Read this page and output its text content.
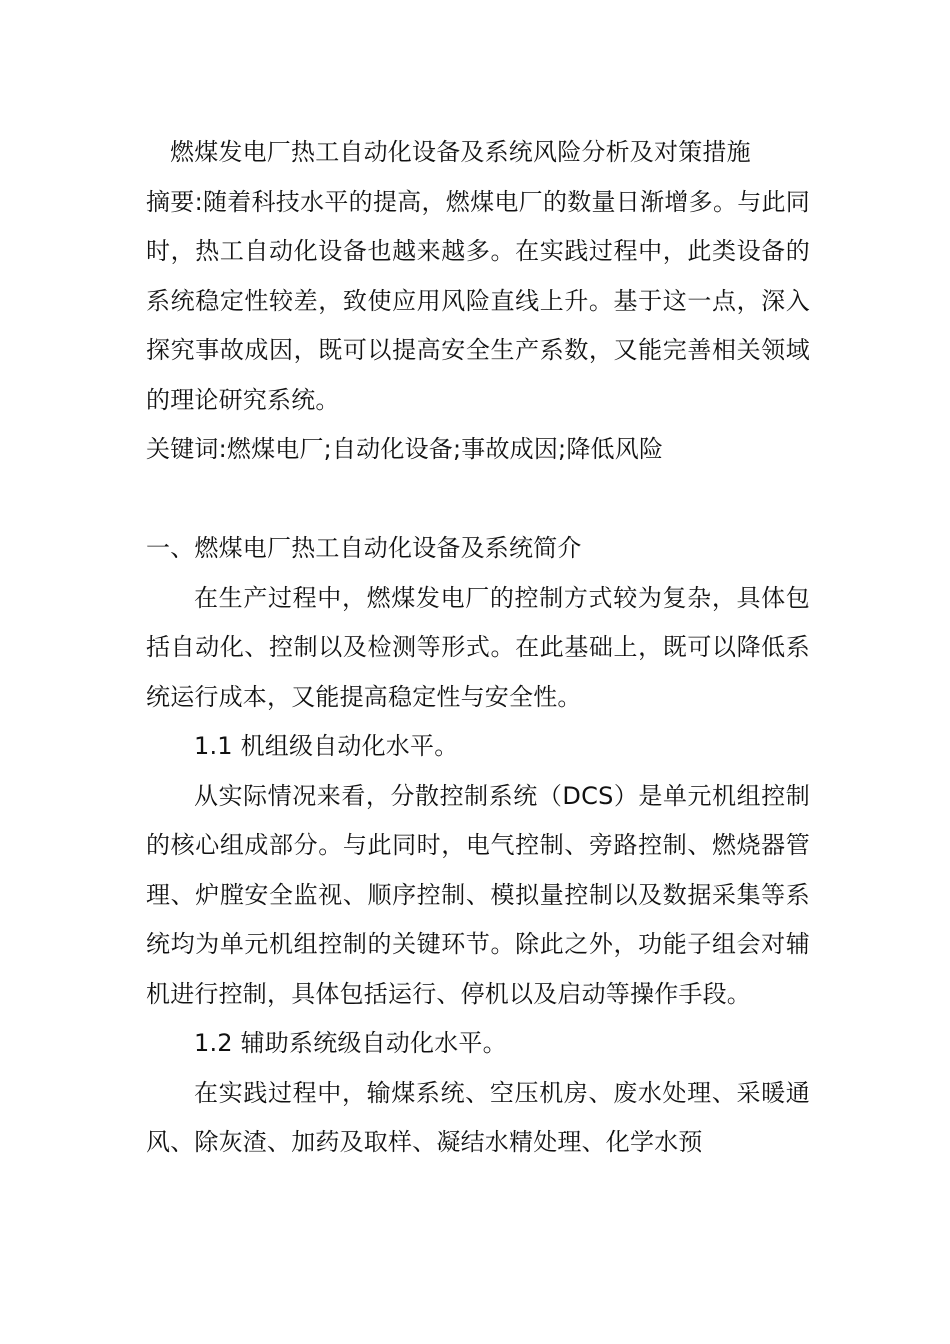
燃煤发电厂热工自动化设备及系统风险分析及对策措施

摘要:随着科技水平的提高，燃煤电厂的数量日渐增多。与此同时，热工自动化设备也越来越多。在实践过程中，此类设备的系统稳定性较差，致使应用风险直线上升。基于这一点，深入探究事故成因，既可以提高安全生产系数，又能完善相关领域的理论研究系统。

关键词:燃煤电厂;自动化设备;事故成因;降低风险

一、燃煤电厂热工自动化设备及系统简介

在生产过程中，燃煤发电厂的控制方式较为复杂，具体包括自动化、控制以及检测等形式。在此基础上，既可以降低系统运行成本，又能提高稳定性与安全性。

1.1 机组级自动化水平。

从实际情况来看，分散控制系统（DCS）是单元机组控制的核心组成部分。与此同时，电气控制、旁路控制、燃烧器管理、炉膛安全监视、顺序控制、模拟量控制以及数据采集等系统均为单元机组控制的关键环节。除此之外，功能子组会对辅机进行控制，具体包括运行、停机以及启动等操作手段。

1.2 辅助系统级自动化水平。

在实践过程中，输煤系统、空压机房、废水处理、采暖通风、除灰渣、加药及取样、凝结水精处理、化学水预
